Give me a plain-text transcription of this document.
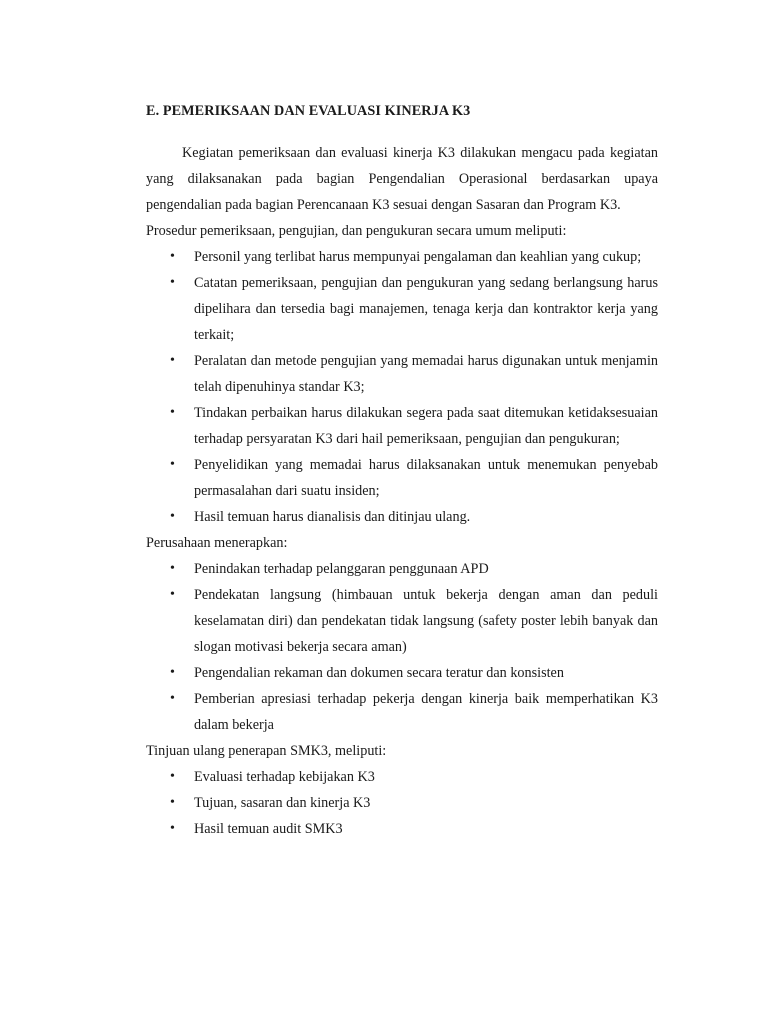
E. PEMERIKSAAN DAN EVALUASI KINERJA K3

Kegiatan pemeriksaan dan evaluasi kinerja K3 dilakukan mengacu pada kegiatan yang dilaksanakan pada bagian Pengendalian Operasional berdasarkan upaya pengendalian pada bagian Perencanaan K3 sesuai dengan Sasaran dan Program K3.

Prosedur pemeriksaan, pengujian, dan pengukuran secara umum meliputi:

•	Personil yang terlibat harus mempunyai pengalaman dan keahlian yang cukup;
•	Catatan pemeriksaan, pengujian dan pengukuran yang sedang berlangsung harus dipelihara dan tersedia bagi manajemen, tenaga kerja dan kontraktor kerja yang terkait;
•	Peralatan dan metode pengujian yang memadai harus digunakan untuk menjamin telah dipenuhinya standar K3;
•	Tindakan perbaikan harus dilakukan segera pada saat ditemukan ketidaksesuaian terhadap persyaratan K3 dari hail pemeriksaan, pengujian dan pengukuran;
•	Penyelidikan yang memadai harus dilaksanakan untuk menemukan penyebab permasalahan dari suatu insiden;
•	Hasil temuan harus dianalisis dan ditinjau ulang.

Perusahaan menerapkan:

•	Penindakan terhadap pelanggaran penggunaan APD
•	Pendekatan langsung (himbauan untuk bekerja dengan aman dan peduli keselamatan diri) dan pendekatan tidak langsung (safety poster lebih banyak dan slogan motivasi bekerja secara aman)
•	Pengendalian rekaman dan dokumen secara teratur dan konsisten
•	Pemberian apresiasi terhadap pekerja dengan kinerja baik memperhatikan K3 dalam bekerja

Tinjuan ulang penerapan SMK3, meliputi:

•	Evaluasi terhadap kebijakan K3
•	Tujuan, sasaran dan kinerja K3
•	Hasil temuan audit SMK3
